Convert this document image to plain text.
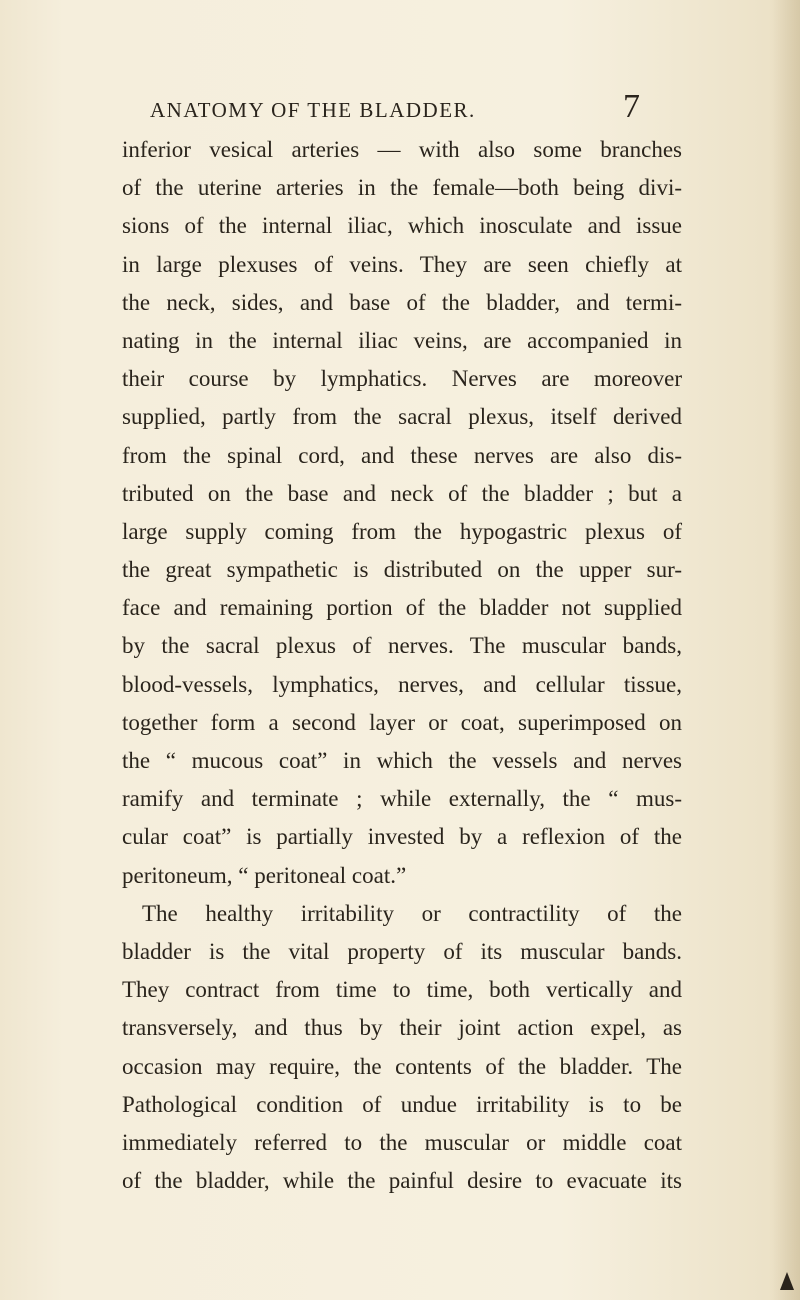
ANATOMY OF THE BLADDER.	7
inferior vesical arteries — with also some branches
of the uterine arteries in the female—both being divi-
sions of the internal iliac, which inosculate and issue
in large plexuses of veins. They are seen chiefly at
the neck, sides, and base of the bladder, and termi-
nating in the internal iliac veins, are accompanied in
their course by lymphatics. Nerves are moreover
supplied, partly from the sacral plexus, itself derived
from the spinal cord, and these nerves are also dis-
tributed on the base and neck of the bladder ; but a
large supply coming from the hypogastric plexus of
the great sympathetic is distributed on the upper sur-
face and remaining portion of the bladder not supplied
by the sacral plexus of nerves. The muscular bands,
blood-vessels, lymphatics, nerves, and cellular tissue,
together form a second layer or coat, superimposed on
the “ mucous coat” in which the vessels and nerves
ramify and terminate ; while externally, the “ mus-
cular coat” is partially invested by a reflexion of the
peritoneum, “ peritoneal coat.”
The healthy irritability or contractility of the
bladder is the vital property of its muscular bands.
They contract from time to time, both vertically and
transversely, and thus by their joint action expel, as
occasion may require, the contents of the bladder. The
Pathological condition of undue irritability is to be
immediately referred to the muscular or middle coat
of the bladder, while the painful desire to evacuate its
